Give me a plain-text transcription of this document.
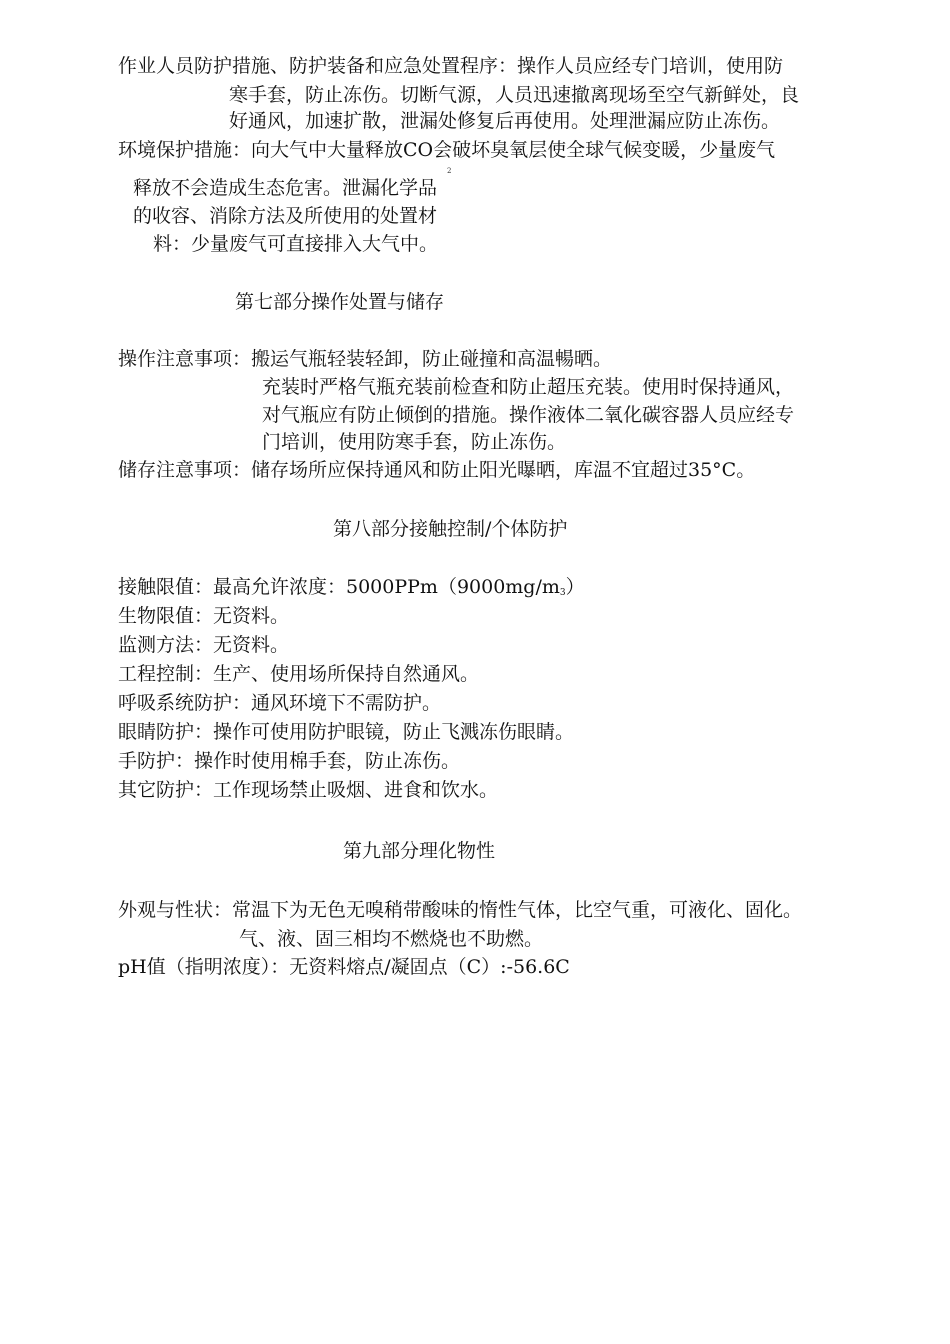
作业人员防护措施、防护装备和应急处置程序：操作人员应经专门培训，使用防
寒手套，防止冻伤。切断气源，人员迅速撤离现场至空气新鲜处，良
好通风，加速扩散，泄漏处修复后再使用。处理泄漏应防止冻伤。
环境保护措施：向大气中大量释放CO会破坏臭氧层使全球气候变暖，少量废气
2
释放不会造成生态危害。泄漏化学品
的收容、消除方法及所使用的处置材
料：少量废气可直接排入大气中。
第七部分操作处置与储存
操作注意事项：搬运气瓶轻装轻卸，防止碰撞和高温暢晒。
充装时严格气瓶充装前检查和防止超压充装。使用时保持通风，
对气瓶应有防止倾倒的措施。操作液体二氧化碳容器人员应经专
门培训，使用防寒手套，防止冻伤。
储存注意事项：储存场所应保持通风和防止阳光曝晒，库温不宜超过35°C。
第八部分接触控制/个体防护
接触限值：最高允许浓度：5000PPm（9000mg/m3）
生物限值：无资料。
监测方法：无资料。
工程控制：生产、使用场所保持自然通风。
呼吸系统防护：通风环境下不需防护。
眼睛防护：操作可使用防护眼镜，防止飞溅冻伤眼睛。
手防护：操作时使用棉手套，防止冻伤。
其它防护：工作现场禁止吸烟、进食和饮水。
第九部分理化物性
外观与性状：常温下为无色无嗅稍带酸味的惰性气体，比空气重，可液化、固化。
气、液、固三相均不燃烧也不助燃。
pH值（指明浓度）：无资料熔点/凝固点（C）:-56.6C
